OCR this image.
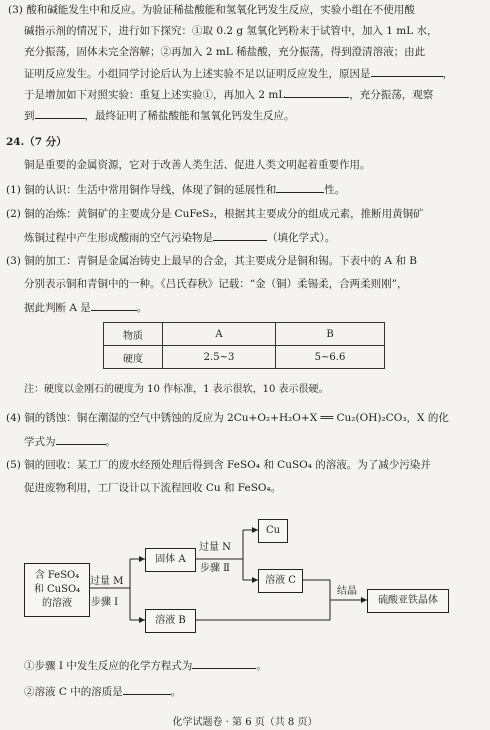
(3) 酸和碱能发生中和反应。为验证稀盐酸能和氢氧化钙发生反应，实验小组在不使用酸
碱指示剂的情况下，进行如下探究：①取 0.2 g 氢氧化钙粉末于试管中，加入 1 mL 水，
充分振荡，固体未完全溶解；②再加入 2 mL 稀盐酸，充分振荡，得到澄清溶液；由此
证明反应发生。小组同学讨论后认为上述实验不足以证明反应发生，原因是	，
于是增加如下对照实验：重复上述实验①，再加入 2 mL	，充分振荡，观察
到	，最终证明了稀盐酸能和氢氧化钙发生反应。
24.（7 分）
铜是重要的金属资源，它对于改善人类生活、促进人类文明起着重要作用。
(1) 铜的认识：生活中常用铜作导线，体现了铜的延展性和	性。
(2) 铜的冶炼：黄铜矿的主要成分是 CuFeS₂，根据其主要成分的组成元素，推断用黄铜矿
炼铜过程中产生形成酸雨的空气污染物是	（填化学式）。
(3) 铜的加工：青铜是金属冶铸史上最早的合金，其主要成分是铜和锡。下表中的 A 和 B
分别表示铜和青铜中的一种。《吕氏春秋》记载：“金（铜）柔锡柔，合两柔则刚”，
据此判断 A 是	。
物质	A	B
硬度	2.5~3	5~6.6
注：硬度以金刚石的硬度为 10 作标准，1 表示很软，10 表示很硬。
(4) 铜的锈蚀：铜在潮湿的空气中锈蚀的反应为 2Cu+O₂+H₂O+X ══ Cu₂(OH)₂CO₃，X 的化
学式为	。
(5) 铜的回收：某工厂的废水经预处理后得到含 FeSO₄ 和 CuSO₄ 的溶液。为了减少污染并
促进废物利用，工厂设计以下流程回收 Cu 和 FeSO₄。
含 FeSO₄
和 CuSO₄
的溶液
过量 M
步骤 Ⅰ
固体 A
溶液 B
过量 N
步骤 Ⅱ
Cu
溶液 C
结晶
硫酸亚铁晶体
①步骤 Ⅰ 中发生反应的化学方程式为	。
②溶液 C 中的溶质是	。
化学试题卷 · 第 6 页（共 8 页）
